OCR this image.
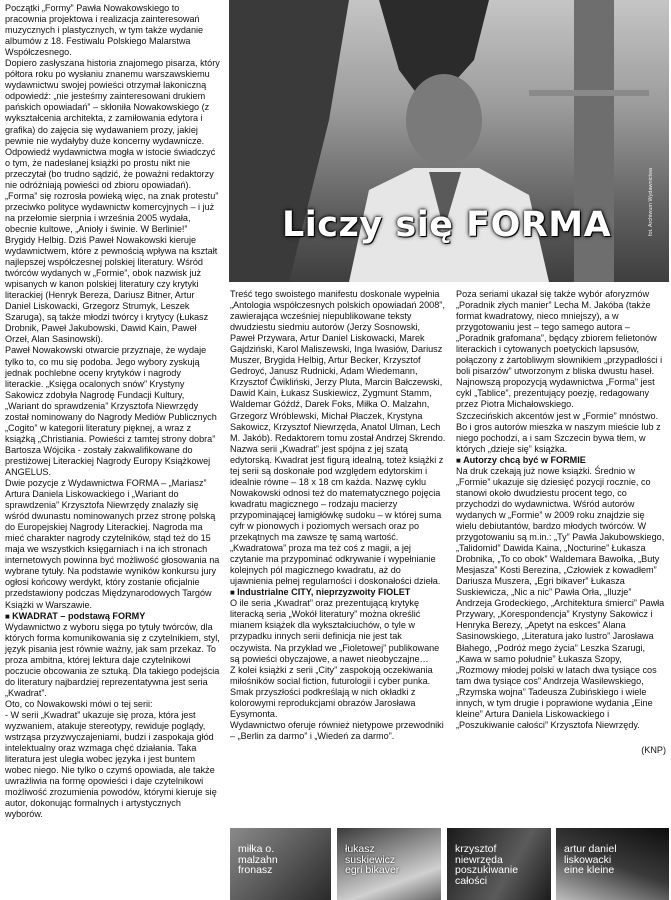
Początki „Formy” Pawła Nowakowskiego to pracownia projektowa i realizacja zainteresowań muzycznych i plastycznych, w tym także wydanie albumów z 18. Festiwalu Polskiego Malarstwa Współczesnego.

Dopiero zasłyszana historia znajomego pisarza, który półtora roku po wysłaniu znanemu warszawskiemu wydawnictwu swojej powieści otrzymał lakoniczną odpowiedź: „nie jesteśmy zainteresowani drukiem pańskich opowiadań” – skłoniła Nowakowskiego (z wykształcenia architekta, z zamiłowania edytora i grafika) do zajęcia się wydawaniem prozy, jakiej pewnie nie wydałyby duże koncerny wydawnicze. Odpowiedź wydawnictwa mogła w istocie świadczyć o tym, że nadesłanej książki po prostu nikt nie przeczytał (bo trudno sądzić, że poważni redaktorzy nie odróżniają powieści od zbioru opowiadań).

„Forma” się rozrosła powieką więc, na znak protestu” przeciwko polityce wydawnictw komercyjnych – i już na przełomie sierpnia i września 2005 wydała, obecnie kultowe, „Anioły i świnie. W Berlinie!” Brygidy Helbig. Dziś Paweł Nowakowski kieruje wydawnictwem, które z pewnością wpływa na kształt najlepszej współczesnej polskiej literatury. Wśród twórców wydanych w „Formie”, obok nazwisk już wpisanych w kanon polskiej literatury czy krytyki literackiej (Henryk Bereza, Dariusz Bitner, Artur Daniel Liskowacki, Grzegorz Strumyk, Leszek Szaruga), są także młodzi twórcy i krytycy (Łukasz Drobnik, Paweł Jakubowski, Dawid Kain, Paweł Orzeł, Alan Sasinowski).

Paweł Nowakowski otwarcie przyznaje, że wydaje tylko to, co mu się podoba. Jego wybory zyskują jednak pochlebne oceny krytyków i nagrody literackie. „Księga ocalonych snów” Krystyny Sakowicz zdobyła Nagrodę Fundacji Kultury, „Wariant do sprawdzenia” Krzysztofa Niewrzędy został nominowany do Nagrody Mediów Publicznych „Cogito” w kategorii literatury pięknej, a wraz z książką „Christiania. Powieści z tamtej strony dobra” Bartosza Wójcika - zostały zakwalifikowane do prestiżowej Literackiej Nagrody Europy Książkowej ANGELUS.

Dwie pozycje z Wydawnictwa FORMA – „Mariasz” Artura Daniela Liskowackiego i „Wariant do sprawdzenia” Krzysztofa Niewrzędy znalazły się wśród dwunastu nominowanych przez stronę polską do Europejskiej Nagrody Literackiej. Nagroda ma mieć charakter nagrody czytelników, stąd też do 15 maja we wszystkich księgarniach i na ich stronach internetowych powinna być możliwość głosowania na wybrane tytuły. Na podstawie wyników konkursu jury ogłosi końcowy werdykt, który zostanie oficjalnie przedstawiony podczas Międzynarodowych Targów Książki w Warszawie.

■ KWADRAT – podstawą FORMY

Wydawnictwo z wyboru sięga po tytuły twórców, dla których forma komunikowania się z czytelnikiem, styl, język pisania jest równie ważny, jak sam przekaz. To proza ambitna, której lektura daje czytelnikowi poczucie obcowania ze sztuką. Dla takiego podejścia do literatury najbardziej reprezentatywna jest seria „Kwadrat”.

Oto, co Nowakowski mówi o tej serii:

- W serii „Kwadrat” ukazuje się proza, która jest wyzwaniem, atakuje stereotypy, rewiduje poglądy, wstrząsa przyzwyczajeniami, budzi i zaspokaja głód intelektualny oraz wzmaga chęć działania. Taka literatura jest uległa wobec języka i jest buntem wobec niego. Nie tylko o czymś opowiada, ale także uwrażliwia na formę opowieści i daje czytelnikowi możliwość zrozumienia powodów, którymi kieruje się autor, dokonując formalnych i artystycznych wyborów.

fot. Archiwum Wydawnictwa
Liczy się FORMA

Treść tego swoistego manifestu doskonale wypełnia „Antologia współczesnych polskich opowiadań 2008”, zawierająca wcześniej niepublikowane teksty dwudziestu siedmiu autorów (Jerzy Sosnowski, Paweł Przywara, Artur Daniel Liskowacki, Marek Gajdziński, Karol Maliszewski, Inga Iwasiów, Dariusz Muszer, Brygida Helbig, Artur Becker, Krzysztof Gedroyć, Janusz Rudnicki, Adam Wiedemann, Krzysztof Ćwikliński, Jerzy Pluta, Marcin Bałczewski, Dawid Kain, Łukasz Suskiewicz, Zygmunt Stamm, Waldemar Góźdź, Darek Foks, Miłka O. Malzahn, Grzegorz Wróblewski, Michał Płaczek, Krystyna Sakowicz, Krzysztof Niewrzęda, Anatol Ulman, Lech M. Jakób). Redaktorem tomu został Andrzej Skrendo. Nazwa serii „Kwadrat” jest spójna z jej szatą edytorską. Kwadrat jest figurą idealną, toteż książki z tej serii są doskonałe pod względem edytorskim i idealnie równe – 18 x 18 cm każda. Nazwę cyklu Nowakowski odnosi też do matematycznego pojęcia kwadratu magicznego – rodzaju macierzy przypominającej łamigłówkę sudoku – w której suma cyfr w pionowych i poziomych wersach oraz po przekątnych ma zawsze tę samą wartość. „Kwadratowa” proza ma też coś z magii, a jej czytanie ma przypominać odkrywanie i wypełnianie kolejnych pól magicznego kwadratu, aż do ujawnienia pełnej regularności i doskonałości dzieła.

■ Industrialne CITY, nieprzyzwoity FIOLET

O ile seria „Kwadrat” oraz prezentującą krytykę literacką seria „Wokół literatury” można określić mianem książek dla wykształciuchów, o tyle w przypadku innych serii definicja nie jest tak oczywista. Na przykład we „Fioletowej” publikowane są powieści obyczajowe, a nawet nieobyczajne…

Z kolei książki z serii „City” zaspokoją oczekiwania miłośników social fiction, futurologii i cyber punka. Smak przyszłości podkreślają w nich okładki z kolorowymi reprodukcjami obrazów Jarosława Eysymonta.

Wydawnictwo oferuje również nietypowe przewodniki – „Berlin za darmo” i „Wiedeń za darmo”.

Poza seriami ukazał się także wybór aforyzmów „Poradnik złych manier” Lecha M. Jakóba (także format kwadratowy, nieco mniejszy), a w przygotowaniu jest – tego samego autora – „Poradnik grafomana”, będący zbiorem felietonów literackich i cytowanych poetyckich lapsusów, połączony z żartobliwym słownikiem „przypadłości i boli pisarzów” utworzonym z bliska dwustu haseł. Najnowszą propozycją wydawnictwa „Forma” jest cykl „Tablice”, prezentujący poezję, redagowany przez Piotra Michałowskiego.

Szczecińskich akcentów jest w „Formie” mnóstwo. Bo i gros autorów mieszka w naszym mieście lub z niego pochodzi, a i sam Szczecin bywa tłem, w których „dzieje się” książka.

■ Autorzy chcą być w FORMIE

Na druk czekają już nowe książki. Średnio w „Formie” ukazuje się dziesięć pozycji rocznie, co stanowi około dwudziestu procent tego, co przychodzi do wydawnictwa. Wśród autorów wydanych w „Formie” w 2009 roku znajdzie się wielu debiutantów, bardzo młodych twórców. W przygotowaniu są m.in.: „Ty” Pawła Jakubowskiego, „Talidomid” Dawida Kaina, „Nocturine” Łukasza Drobnika, „To co obok” Waldemara Bawołka, „Buty Mesjasza” Kosti Berezina, „Człowiek z kowadłem” Dariusza Muszera, „Egri bikaver” Łukasza Suskiewicza, „Nic a nic” Pawła Orła, „Iluzje” Andrzeja Grodeckiego, „Architektura śmierci” Pawła Przywary, „Korespondencja” Krystyny Sakowicz i Henryka Berezy, „Apetyt na eskces” Alana Sasinowskiego, „Literatura jako lustro” Jarosława Błahego, „Podróż mego życia” Leszka Szarugi, „Kawa w samo południe” Łukasza Szopy, „Rozmowy młodej polski w latach dwa tysiące cos tam dwa tysiące cos” Andrzeja Wasilewskiego, „Rzymska wojna” Tadeusza Zubińskiego i wiele innych, w tym drugie i poprawione wydania „Eine kleine” Artura Daniela Liskowackiego i „Poszukiwanie całości” Krzysztofa Niewrzędy.

(KNP)

miłka o.
malzahn
fronasz
łukasz
suskiewicz
egri bikaver
krzysztof
niewrzęda
poszukiwanie
całości
artur daniel
liskowacki
eine kleine
